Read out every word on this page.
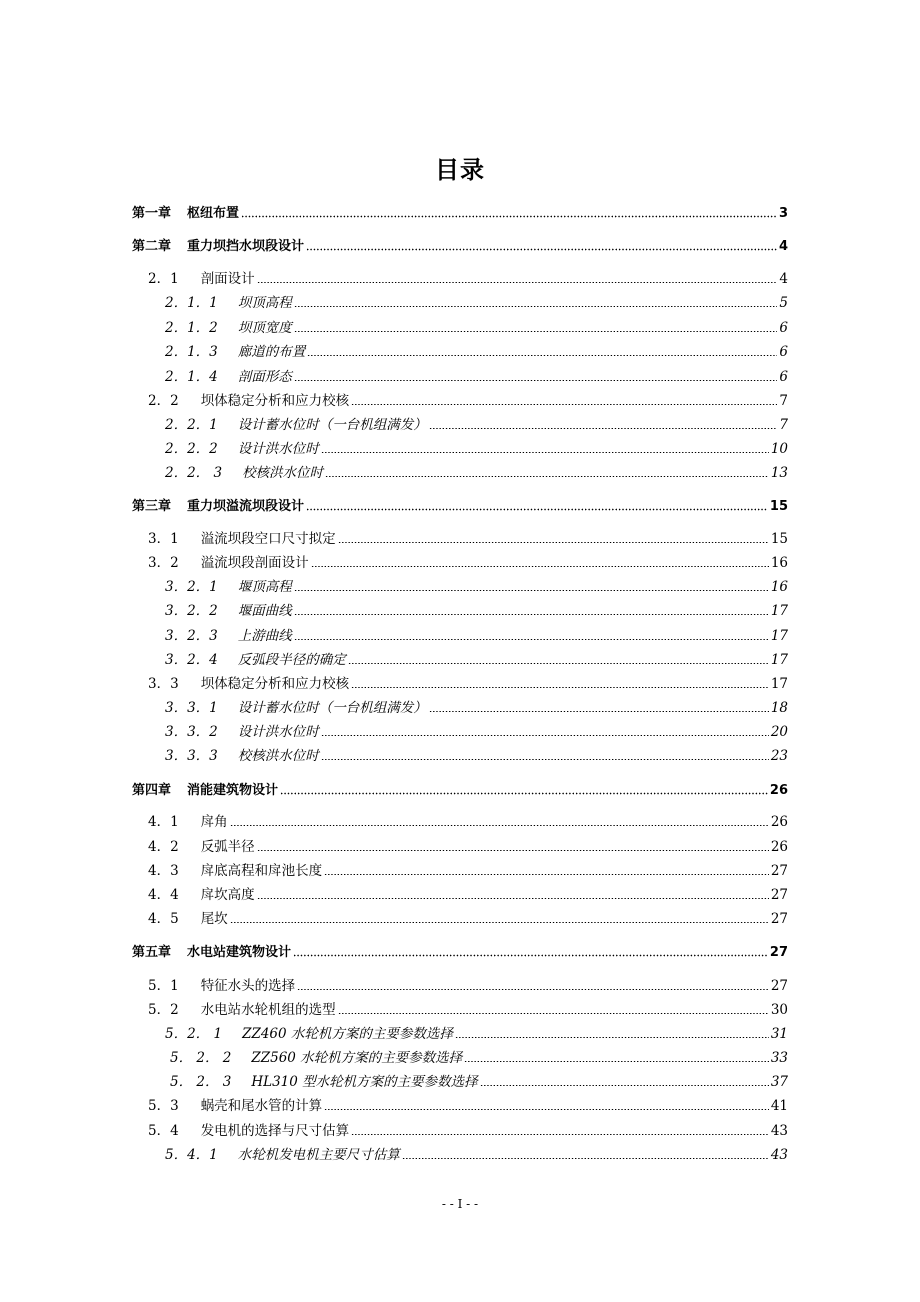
目录
第一章 枢纽布置	3
第二章 重力坝挡水坝段设计	4
2．1 剖面设计	4
2．1．1 坝顶高程	5
2．1．2 坝顶宽度	6
2．1．3 廊道的布置	6
2．1．4 剖面形态	6
2．2 坝体稳定分析和应力校核	7
2．2．1 设计蓄水位时（一台机组满发）	7
2．2．2 设计洪水位时	10
2．2． 3 校核洪水位时	13
第三章 重力坝溢流坝段设计	15
3．1 溢流坝段空口尺寸拟定	15
3．2 溢流坝段剖面设计	16
3．2．1 堰顶高程	16
3．2．2 堰面曲线	17
3．2．3 上游曲线	17
3．2．4 反弧段半径的确定	17
3．3 坝体稳定分析和应力校核	17
3．3．1 设计蓄水位时（一台机组满发）	18
3．3．2 设计洪水位时	20
3．3．3 校核洪水位时	23
第四章 消能建筑物设计	26
4．1 戽角	26
4．2 反弧半径	26
4．3 戽底高程和戽池长度	27
4．4 戽坎高度	27
4．5 尾坎	27
第五章 水电站建筑物设计	27
5．1 特征水头的选择	27
5．2 水电站水轮机组的选型	30
5．2． 1 ZZ460 水轮机方案的主要参数选择	31
5． 2． 2 ZZ560 水轮机方案的主要参数选择	33
5． 2． 3 HL310 型水轮机方案的主要参数选择	37
5．3 蜗壳和尾水管的计算	41
5．4 发电机的选择与尺寸估算	43
5．4．1 水轮机发电机主要尺寸估算	43
- - I - -
